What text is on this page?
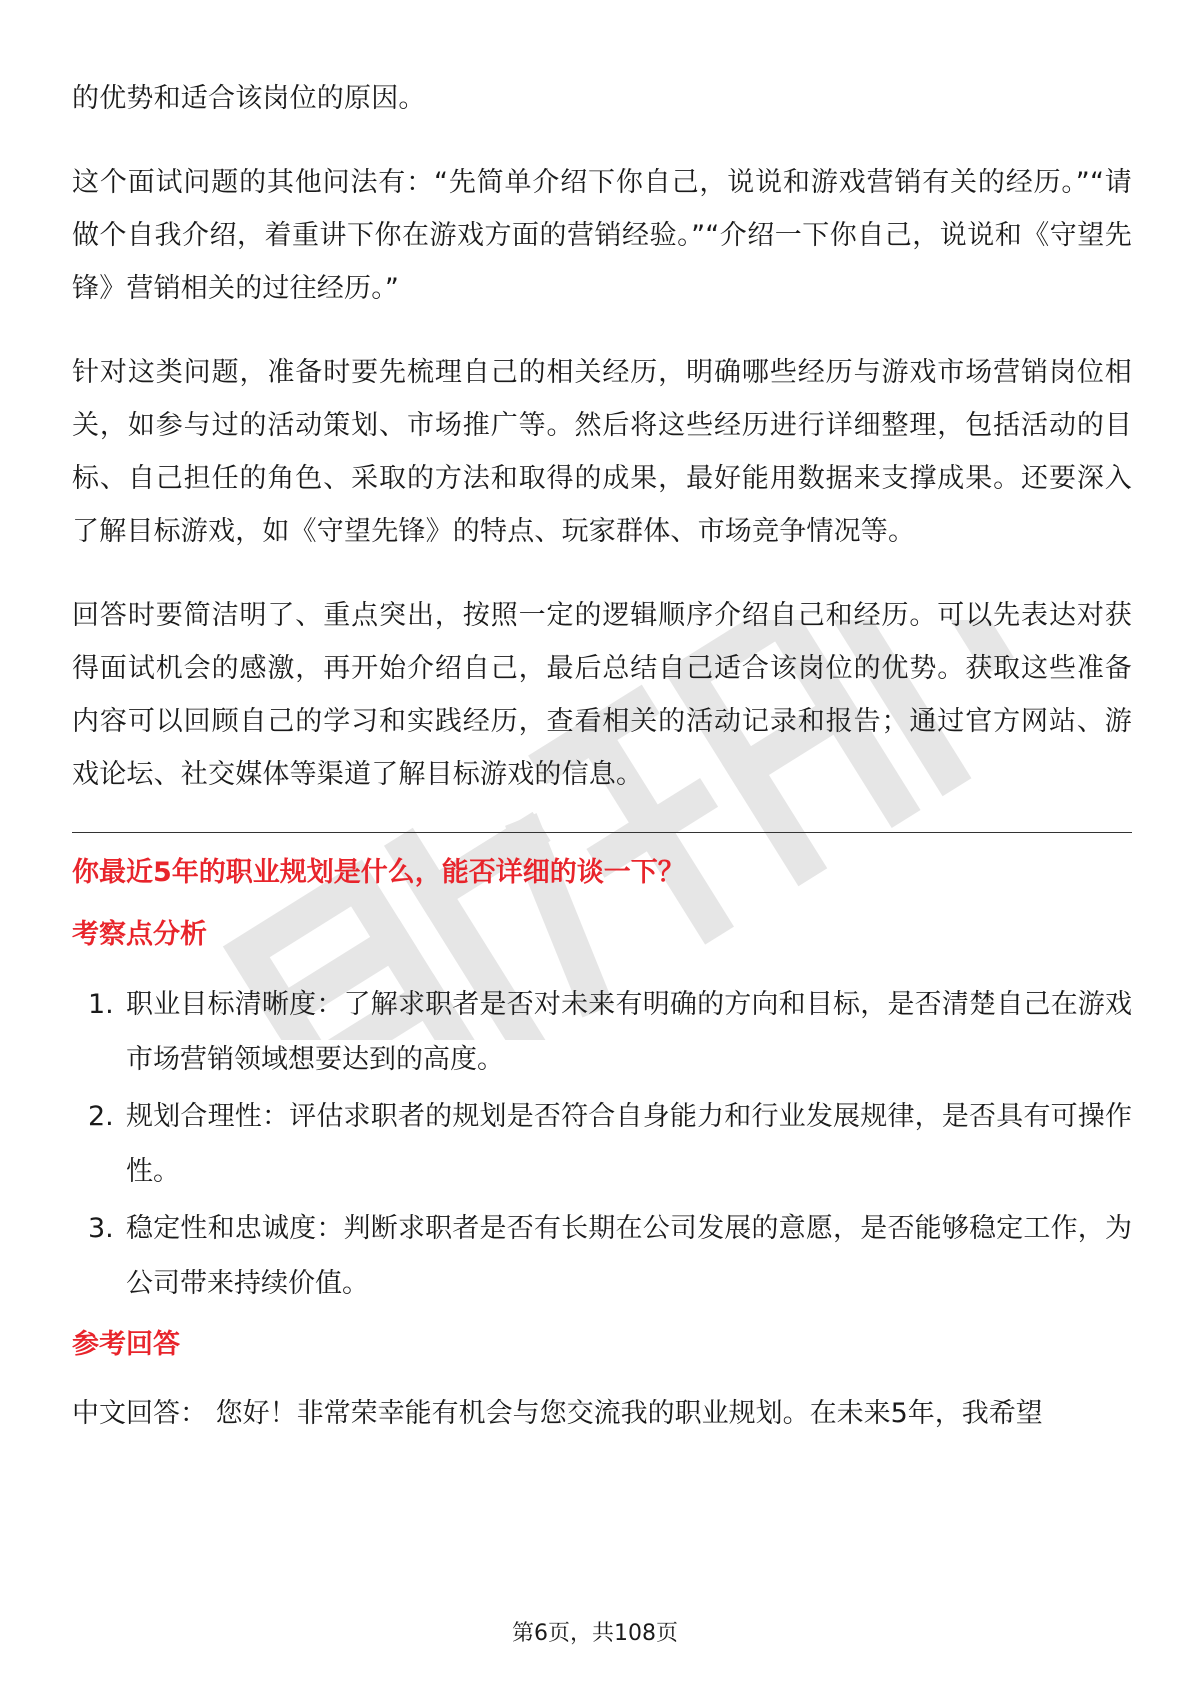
的优势和适合该岗位的原因。

这个面试问题的其他问法有：“先简单介绍下你自己，说说和游戏营销有关的经历。”“请做个自我介绍，着重讲下你在游戏方面的营销经验。”“介绍一下你自己，说说和《守望先锋》营销相关的过往经历。”

针对这类问题，准备时要先梳理自己的相关经历，明确哪些经历与游戏市场营销岗位相关，如参与过的活动策划、市场推广等。然后将这些经历进行详细整理，包括活动的目标、自己担任的角色、采取的方法和取得的成果，最好能用数据来支撑成果。还要深入了解目标游戏，如《守望先锋》的特点、玩家群体、市场竞争情况等。

回答时要简洁明了、重点突出，按照一定的逻辑顺序介绍自己和经历。可以先表达对获得面试机会的感激，再开始介绍自己，最后总结自己适合该岗位的优势。获取这些准备内容可以回顾自己的学习和实践经历，查看相关的活动记录和报告；通过官方网站、游戏论坛、社交媒体等渠道了解目标游戏的信息。

你最近5年的职业规划是什么，能否详细的谈一下？
考察点分析
1. 职业目标清晰度：了解求职者是否对未来有明确的方向和目标，是否清楚自己在游戏市场营销领域想要达到的高度。
2. 规划合理性：评估求职者的规划是否符合自身能力和行业发展规律，是否具有可操作性。
3. 稳定性和忠诚度：判断求职者是否有长期在公司发展的意愿，是否能够稳定工作，为公司带来持续价值。
参考回答

中文回答： 您好！非常荣幸能有机会与您交流我的职业规划。在未来5年，我希望

第6页，共108页
